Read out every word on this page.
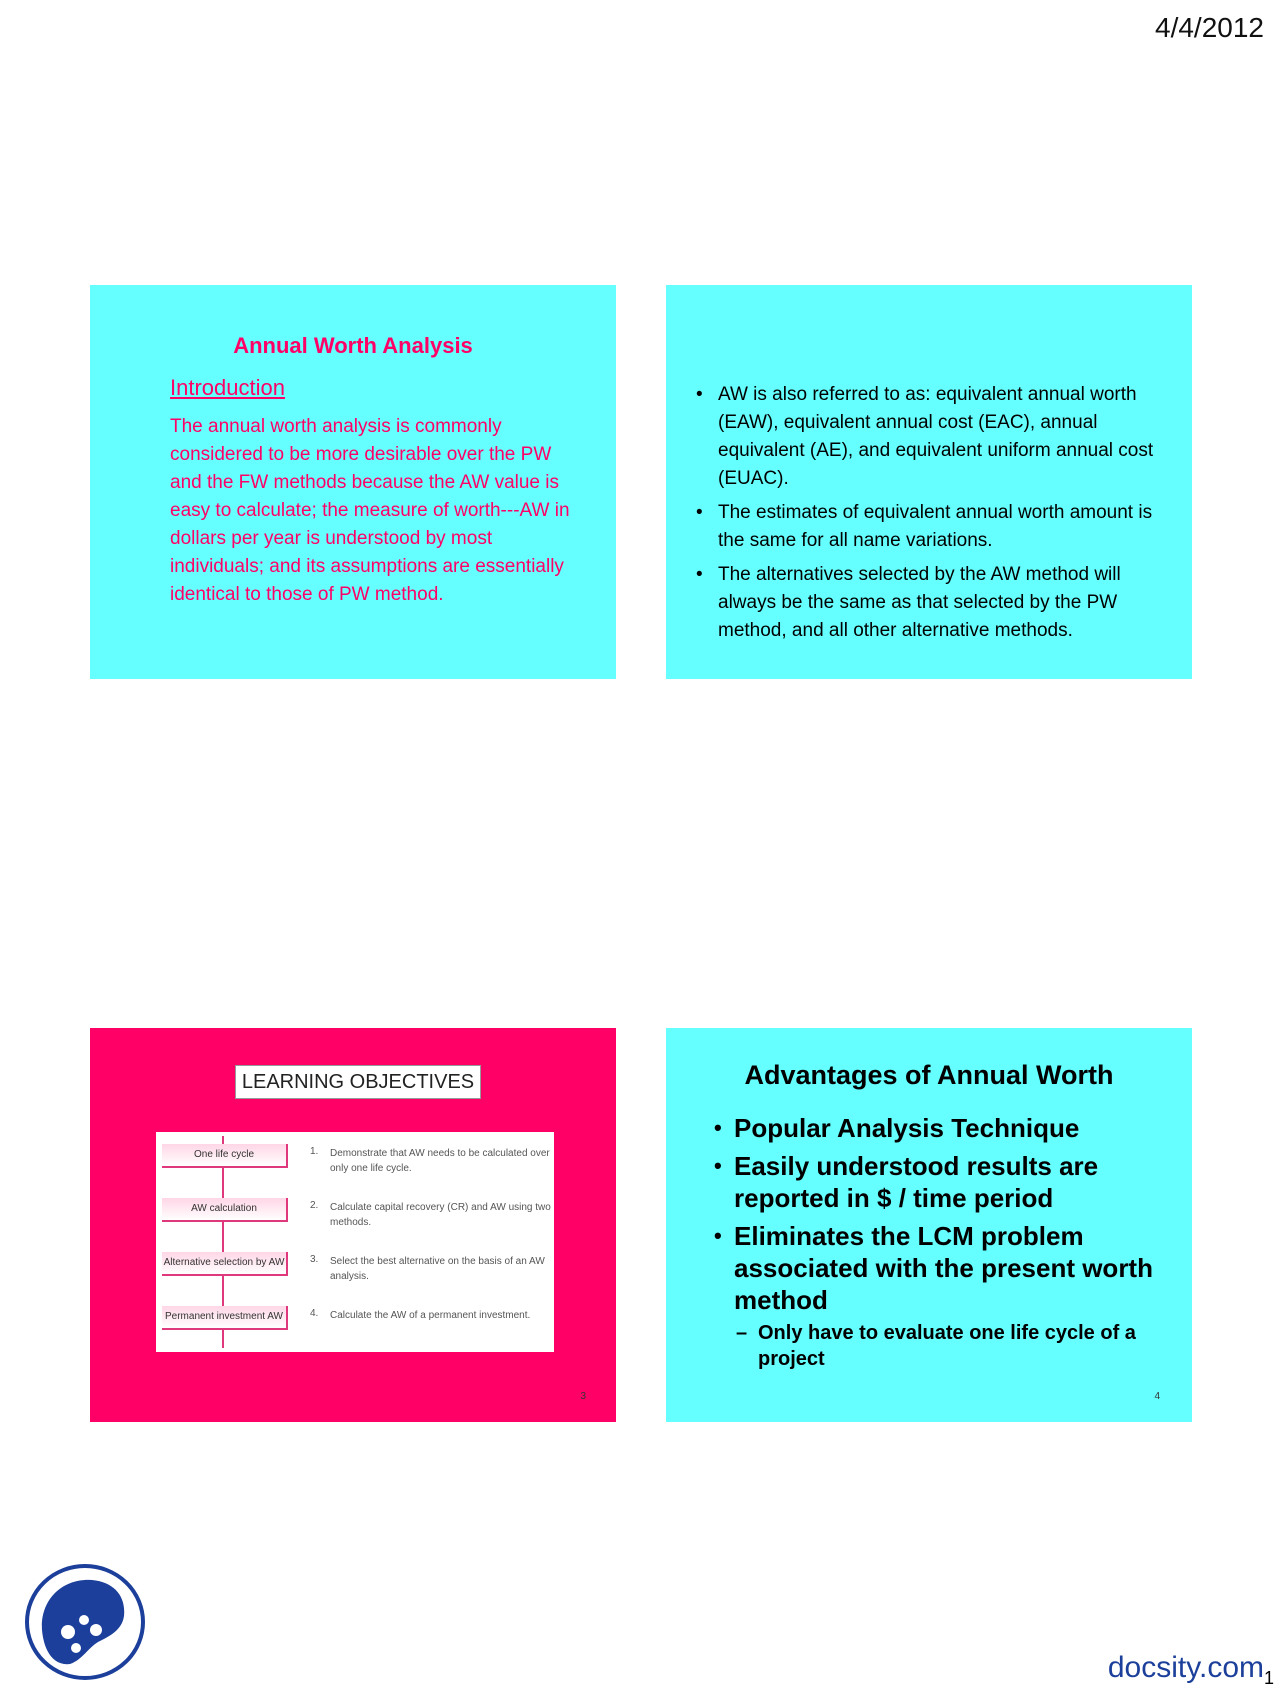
4/4/2012
Annual Worth Analysis
Introduction
The annual worth analysis is commonly considered to be more desirable over the PW and the FW methods because the AW value is easy to calculate; the measure of worth---AW in dollars per year is understood by most individuals; and its assumptions are essentially identical to those of PW method.
• AW is also referred to as: equivalent annual worth (EAW), equivalent annual cost (EAC), annual equivalent (AE), and equivalent uniform annual cost (EUAC).
• The estimates of equivalent annual worth amount is the same for all name variations.
• The alternatives selected by the AW method will always be the same as that selected by the PW method, and all other alternative methods.
LEARNING OBJECTIVES
One life cycle	1. Demonstrate that AW needs to be calculated over only one life cycle.
AW calculation	2. Calculate capital recovery (CR) and AW using two methods.
Alternative selection by AW	3. Select the best alternative on the basis of an AW analysis.
Permanent investment AW	4. Calculate the AW of a permanent investment.
3
Advantages of Annual Worth
• Popular Analysis Technique
• Easily understood results are reported in $ / time period
• Eliminates the LCM problem associated with the present worth method
– Only have to evaluate one life cycle of a project
4
docsity.com 1
